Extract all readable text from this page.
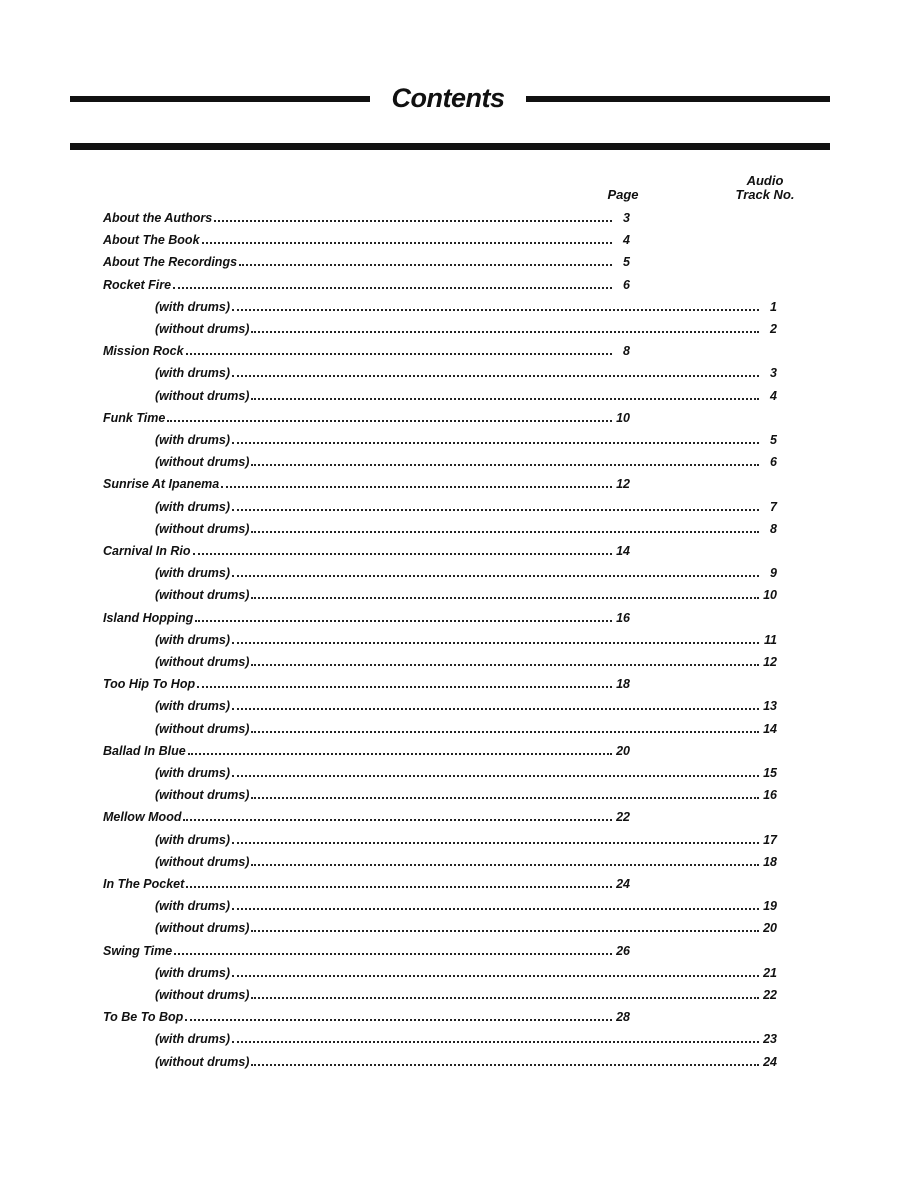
Contents
Page
Audio
Track No.
About the Authors	3
About The Book	4
About The Recordings	5
Rocket Fire	6
(with drums)	1
(without drums)	2
Mission Rock	8
(with drums)	3
(without drums)	4
Funk Time	10
(with drums)	5
(without drums)	6
Sunrise At Ipanema	12
(with drums)	7
(without drums)	8
Carnival In Rio	14
(with drums)	9
(without drums)	10
Island Hopping	16
(with drums)	11
(without drums)	12
Too Hip To Hop	18
(with drums)	13
(without drums)	14
Ballad In Blue	20
(with drums)	15
(without drums)	16
Mellow Mood	22
(with drums)	17
(without drums)	18
In The Pocket	24
(with drums)	19
(without drums)	20
Swing Time	26
(with drums)	21
(without drums)	22
To Be To Bop	28
(with drums)	23
(without drums)	24
